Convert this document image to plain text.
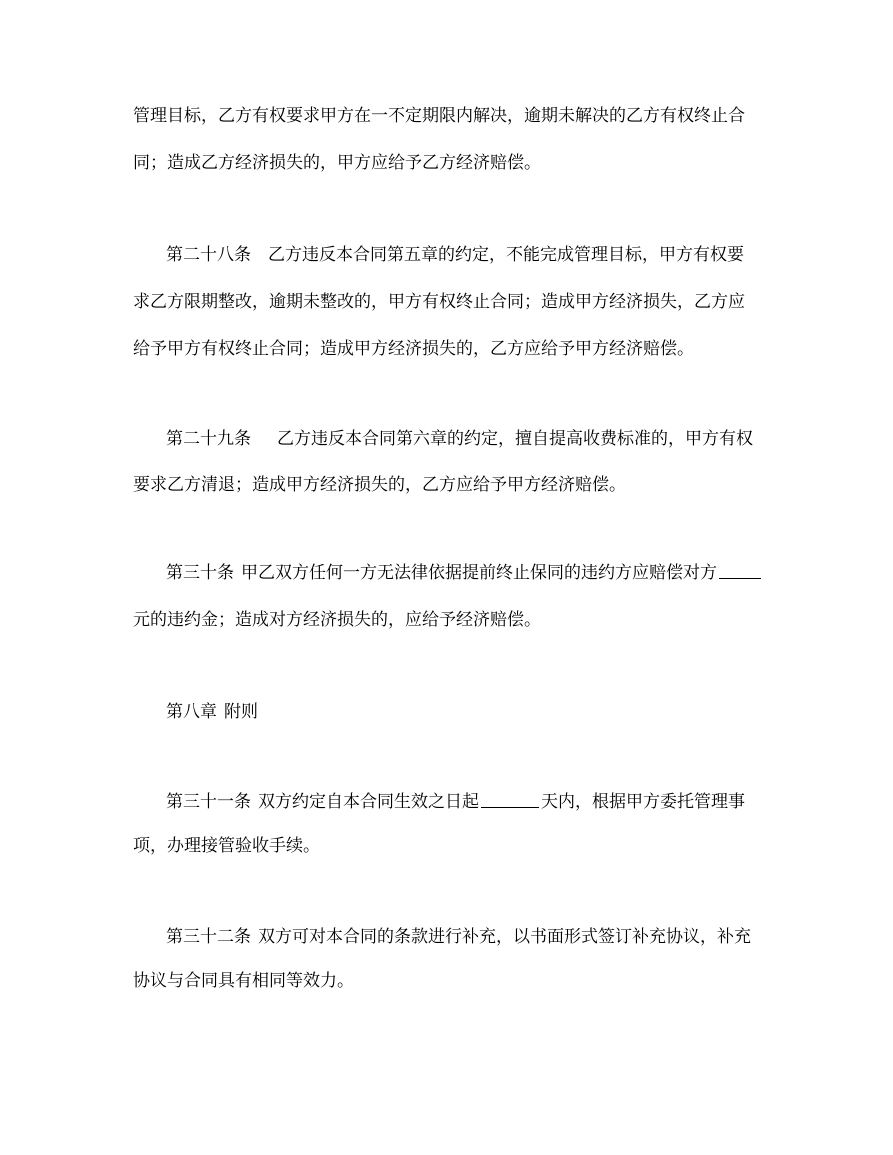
管理目标，乙方有权要求甲方在一不定期限内解决，逾期未解决的乙方有权终止合
同；造成乙方经济损失的，甲方应给予乙方经济赔偿。
第二十八条 乙方违反本合同第五章的约定，不能完成管理目标，甲方有权要
求乙方限期整改，逾期未整改的，甲方有权终止合同；造成甲方经济损失，乙方应
给予甲方有权终止合同；造成甲方经济损失的，乙方应给予甲方经济赔偿。
第二十九条 乙方违反本合同第六章的约定，擅自提高收费标准的，甲方有权
要求乙方清退；造成甲方经济损失的，乙方应给予甲方经济赔偿。
第三十条 甲乙双方任何一方无法律依据提前终止保同的违约方应赔偿对方
元的违约金；造成对方经济损失的，应给予经济赔偿。
第八章 附则
第三十一条 双方约定自本合同生效之日起	天内，根据甲方委托管理事
项，办理接管验收手续。
第三十二条 双方可对本合同的条款进行补充，以书面形式签订补充协议，补充
协议与合同具有相同等效力。
